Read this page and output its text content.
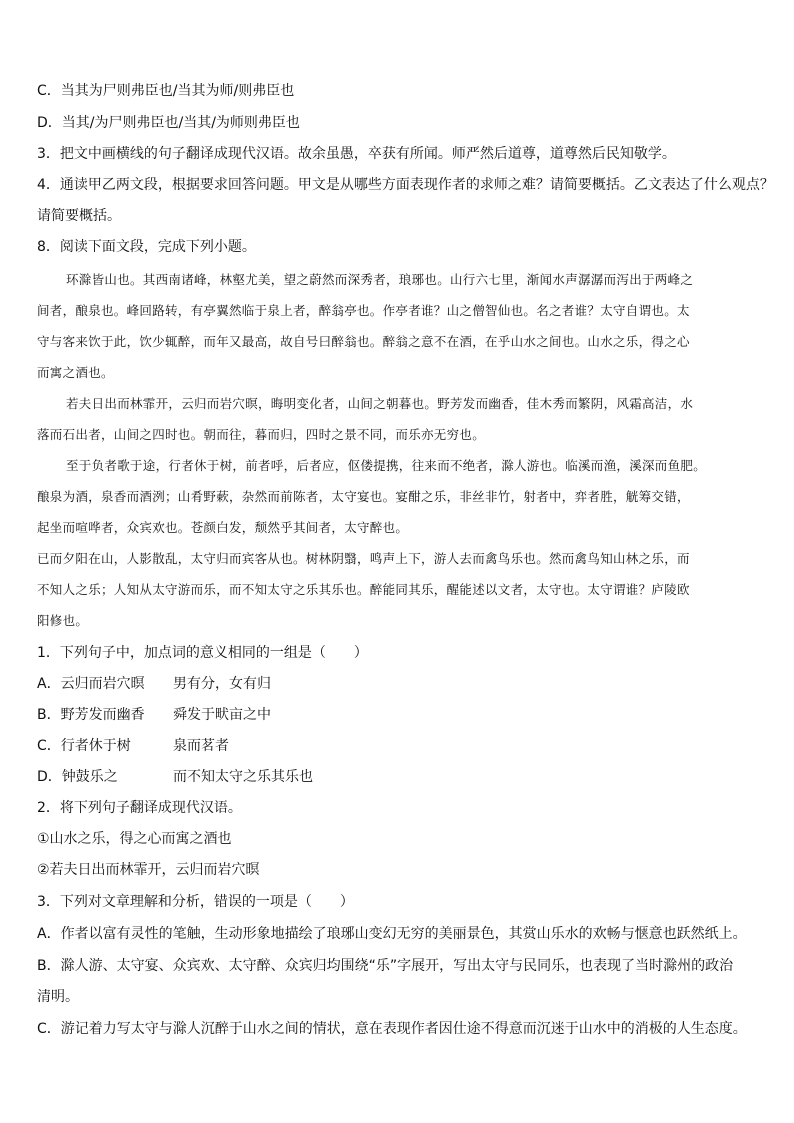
C．当其为尸则弗臣也/当其为师/则弗臣也
D．当其/为尸则弗臣也/当其/为师则弗臣也
3．把文中画横线的句子翻译成现代汉语。故余虽愚，卒获有所闻。师严然后道尊，道尊然后民知敬学。
4．通读甲乙两文段，根据要求回答问题。甲文是从哪些方面表现作者的求师之难？请简要概括。乙文表达了什么观点？
请简要概括。
8．阅读下面文段，完成下列小题。
环滁皆山也。其西南诸峰，林壑尤美，望之蔚然而深秀者，琅琊也。山行六七里，渐闻水声潺潺而泻出于两峰之
间者，酿泉也。峰回路转，有亭翼然临于泉上者，醉翁亭也。作亭者谁？山之僧智仙也。名之者谁？太守自谓也。太
守与客来饮于此，饮少辄醉，而年又最高，故自号曰醉翁也。醉翁之意不在酒，在乎山水之间也。山水之乐，得之心
而寓之酒也。
若夫日出而林霏开，云归而岩穴暝，晦明变化者，山间之朝暮也。野芳发而幽香，佳木秀而繁阴，风霜高洁，水
落而石出者，山间之四时也。朝而往，暮而归，四时之景不同，而乐亦无穷也。
至于负者歌于途，行者休于树，前者呼，后者应，伛偻提携，往来而不绝者，滁人游也。临溪而渔，溪深而鱼肥。
酿泉为酒，泉香而酒洌；山肴野蔌，杂然而前陈者，太守宴也。宴酣之乐，非丝非竹，射者中，弈者胜，觥筹交错，
起坐而喧哗者，众宾欢也。苍颜白发，颓然乎其间者，太守醉也。
已而夕阳在山，人影散乱，太守归而宾客从也。树林阴翳，鸣声上下，游人去而禽鸟乐也。然而禽鸟知山林之乐，而
不知人之乐；人知从太守游而乐，而不知太守之乐其乐也。醉能同其乐，醒能述以文者，太守也。太守谓谁？庐陵欧
阳修也。
1．下列句子中，加点词的意义相同的一组是（　　）
A．云归而岩穴暝 男有分，女有归
B．野芳发而幽香 舜发于畎亩之中
C．行者休于树	泉而茗者
D．钟鼓乐之	而不知太守之乐其乐也
2．将下列句子翻译成现代汉语。
①山水之乐，得之心而寓之酒也
②若夫日出而林霏开，云归而岩穴暝
3．下列对文章理解和分析，错误的一项是（　　）
A．作者以富有灵性的笔触，生动形象地描绘了琅琊山变幻无穷的美丽景色，其赏山乐水的欢畅与惬意也跃然纸上。
B．滁人游、太守宴、众宾欢、太守醉、众宾归均围绕“乐”字展开，写出太守与民同乐，也表现了当时滁州的政治
清明。
C．游记着力写太守与滁人沉醉于山水之间的情状，意在表现作者因仕途不得意而沉迷于山水中的消极的人生态度。
